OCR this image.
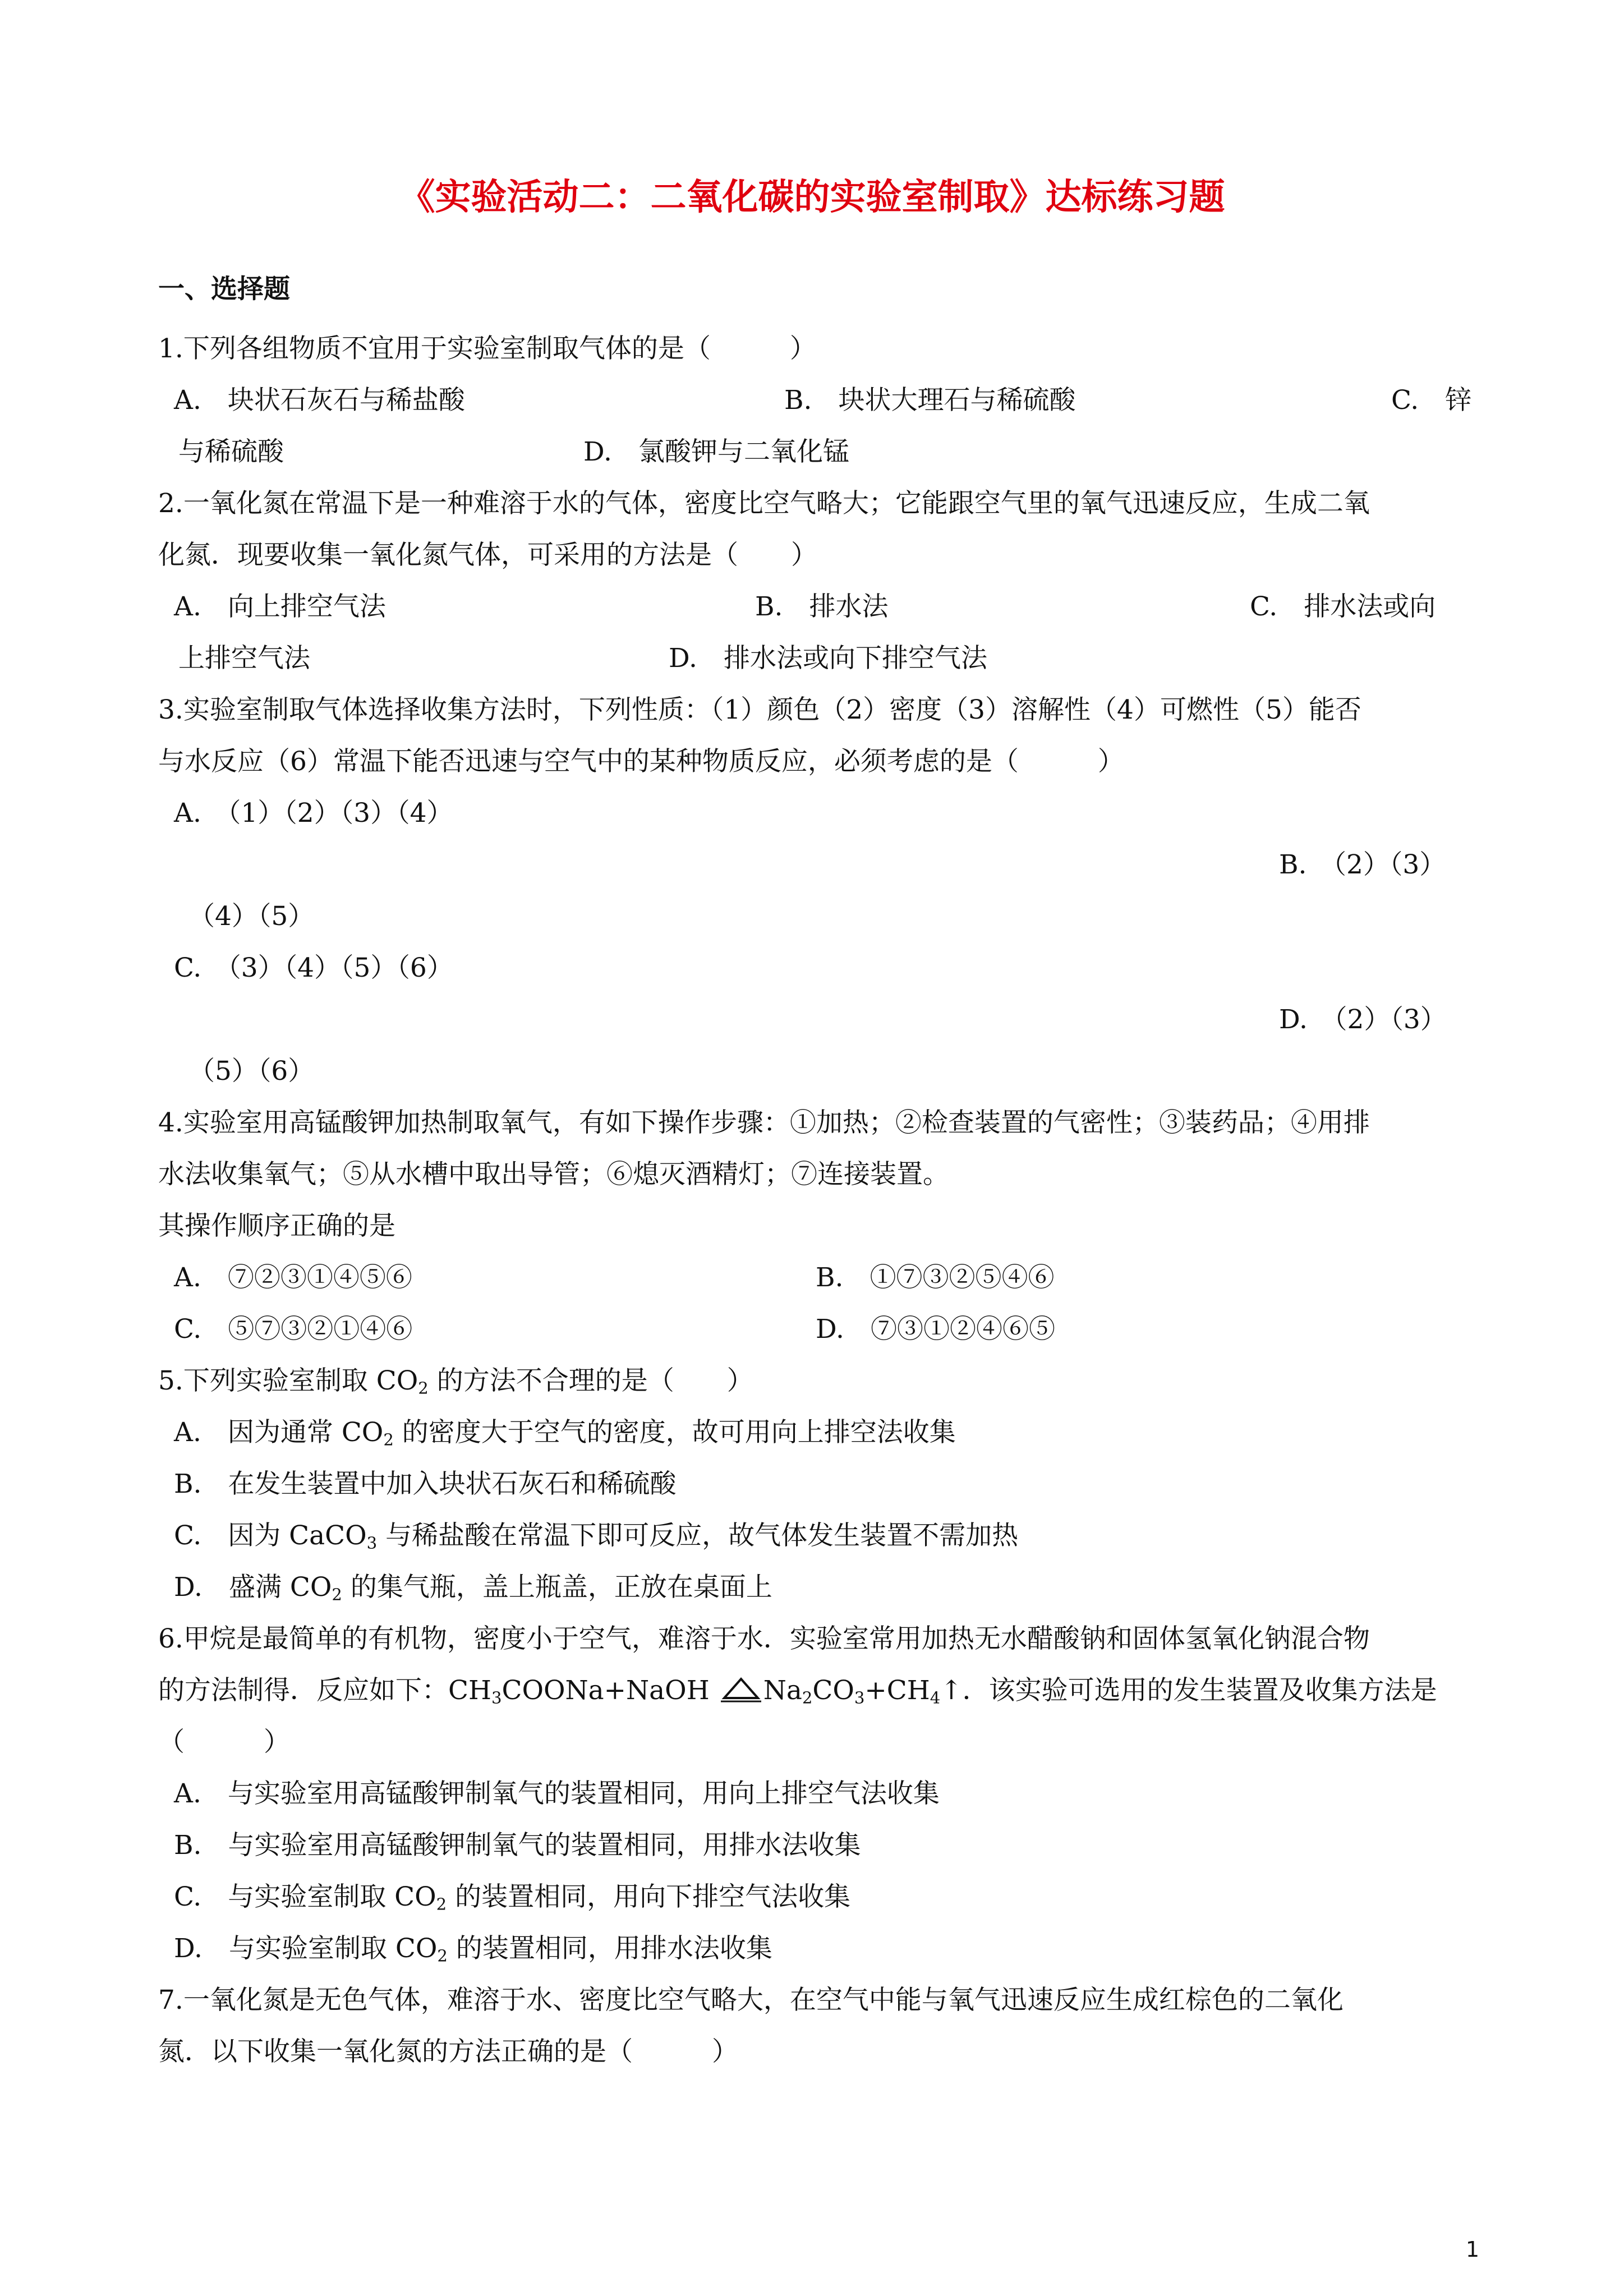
《实验活动二：二氧化碳的实验室制取》达标练习题
一、选择题
1.下列各组物质不宜用于实验室制取气体的是（　　　）
A.　块状石灰石与稀盐酸	B.　块状大理石与稀硫酸	C.　锌
与稀硫酸	D.　氯酸钾与二氧化锰
2.一氧化氮在常温下是一种难溶于水的气体，密度比空气略大；它能跟空气里的氧气迅速反应，生成二氧
化氮．现要收集一氧化氮气体，可采用的方法是（　　）
A.　向上排空气法	B.　排水法	C.　排水法或向
上排空气法	D.　排水法或向下排空气法
3.实验室制取气体选择收集方法时，下列性质：（1）颜色（2）密度（3）溶解性（4）可燃性（5）能否
与水反应（6）常温下能否迅速与空气中的某种物质反应，必须考虑的是（　　　）
A.　（1）（2）（3）（4）
B.　（2）（3）
（4）（5）
C.　（3）（4）（5）（6）
D.　（2）（3）
（5）（6）
4.实验室用高锰酸钾加热制取氧气，有如下操作步骤：①加热；②检查装置的气密性；③装药品；④用排
水法收集氧气；⑤从水槽中取出导管；⑥熄灭酒精灯；⑦连接装置。
其操作顺序正确的是
A.　⑦②③①④⑤⑥	B.　①⑦③②⑤④⑥
C.　⑤⑦③②①④⑥	D.　⑦③①②④⑥⑤
5.下列实验室制取 $CO_2$ 的方法不合理的是（　　）
A.　因为通常 $CO_2$ 的密度大于空气的密度，故可用向上排空法收集
B.　在发生装置中加入块状石灰石和稀硫酸
C.　因为 CaCO$_3$ 与稀盐酸在常温下即可反应，故气体发生装置不需加热
D.　盛满 $CO_2$ 的集气瓶，盖上瓶盖，正放在桌面上
6.甲烷是最简单的有机物，密度小于空气，难溶于水．实验室常用加热无水醋酸钠和固体氢氧化钠混合物
的方法制得．反应如下：$CH_3COONa+NaOH$ $Na_2CO_3+CH_4↑$．该实验可选用的发生装置及收集方法是
（　　　）
A.　与实验室用高锰酸钾制氧气的装置相同，用向上排空气法收集
B.　与实验室用高锰酸钾制氧气的装置相同，用排水法收集
C.　与实验室制取 $CO_2$ 的装置相同，用向下排空气法收集
D.　与实验室制取 $CO_2$ 的装置相同，用排水法收集
7.一氧化氮是无色气体，难溶于水、密度比空气略大，在空气中能与氧气迅速反应生成红棕色的二氧化
氮．以下收集一氧化氮的方法正确的是（　　　）
1
